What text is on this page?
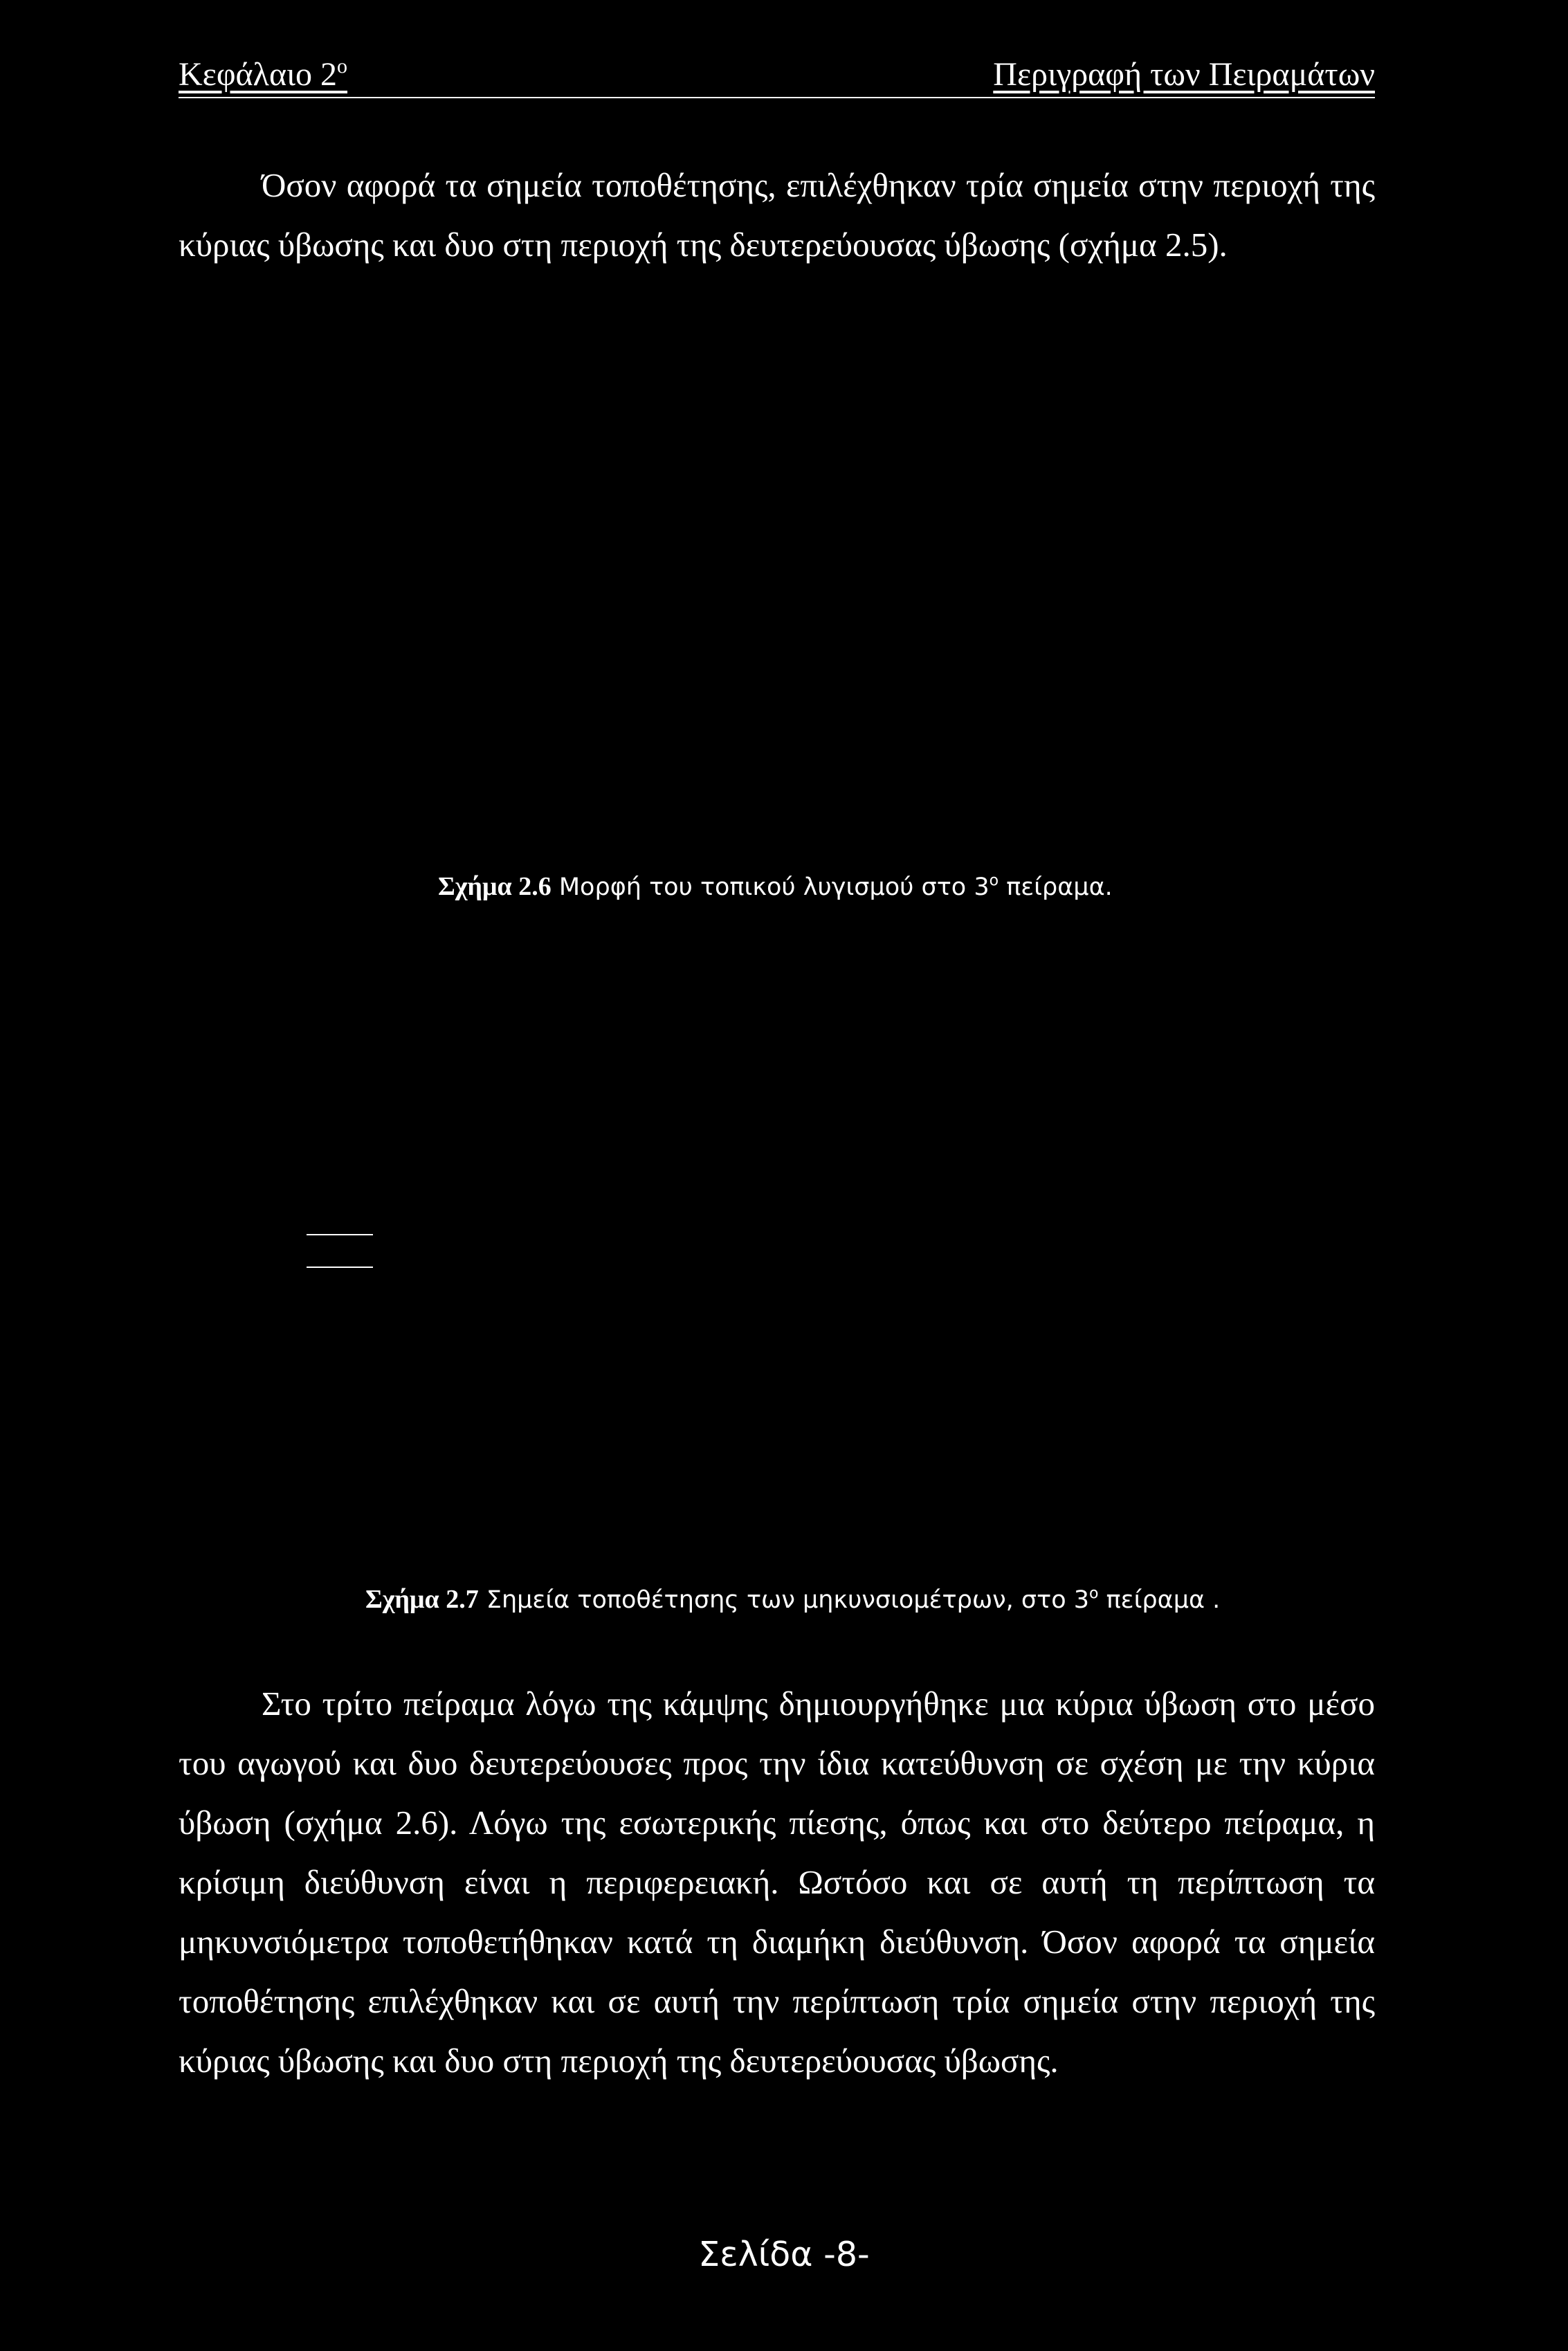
Κεφάλαιο $2^o$	Περιγραφή των Πειραμάτων
Όσον αφορά τα σημεία τοποθέτησης, επιλέχθηκαν τρία σημεία στην περιοχή της κύριας ύβωσης και δυο στη περιοχή της δευτερεύουσας ύβωσης (σχήμα 2.5).
Σχήμα 2.6 Μορφή του τοπικού λυγισμού στο $3^o$ πείραμα.
Σχήμα 2.7 Σημεία τοποθέτησης των μηκυνσιομέτρων, στο $3^o$ πείραμα .
Στο τρίτο πείραμα λόγω της κάμψης δημιουργήθηκε μια κύρια ύβωση στο μέσο του αγωγού και δυο δευτερεύουσες προς την ίδια κατεύθυνση σε σχέση με την κύρια ύβωση (σχήμα 2.6). Λόγω της εσωτερικής πίεσης, όπως και στο δεύτερο πείραμα, η κρίσιμη διεύθυνση είναι η περιφερειακή. Ωστόσο και σε αυτή τη περίπτωση τα μηκυνσιόμετρα τοποθετήθηκαν κατά τη διαμήκη διεύθυνση. Όσον αφορά τα σημεία τοποθέτησης επιλέχθηκαν και σε αυτή την περίπτωση τρία σημεία στην περιοχή της κύριας ύβωσης και δυο στη περιοχή της δευτερεύουσας ύβωσης.
Σελίδα -8-
